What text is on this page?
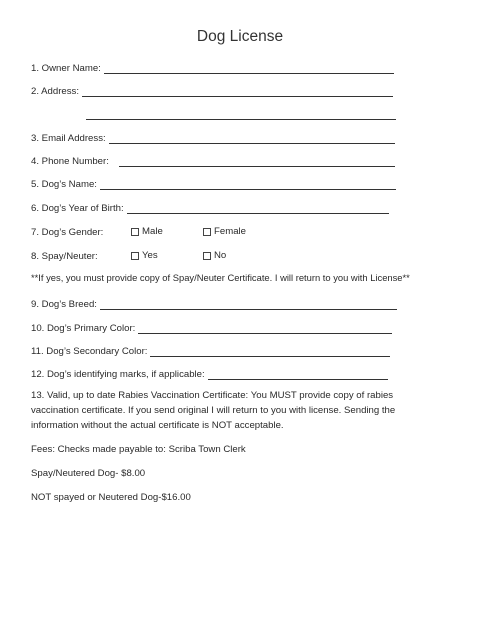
Dog License
1. Owner Name:
2. Address:
3. Email Address:
4. Phone Number:
5. Dog’s Name:
6. Dog’s Year of Birth:
7. Dog’s Gender:	Male	Female
8. Spay/Neuter:	Yes	No
**If yes, you must provide copy of Spay/Neuter Certificate. I will return to you with License**
9. Dog’s Breed:
10. Dog’s Primary Color:
11. Dog’s Secondary Color:
12. Dog’s identifying marks, if applicable:
13. Valid, up to date Rabies Vaccination Certificate: You MUST provide copy of rabies vaccination certificate. If you send original I will return to you with license. Sending the information without the actual certificate is NOT acceptable.
Fees: Checks made payable to: Scriba Town Clerk
Spay/Neutered Dog- $8.00
NOT spayed or Neutered Dog-$16.00
